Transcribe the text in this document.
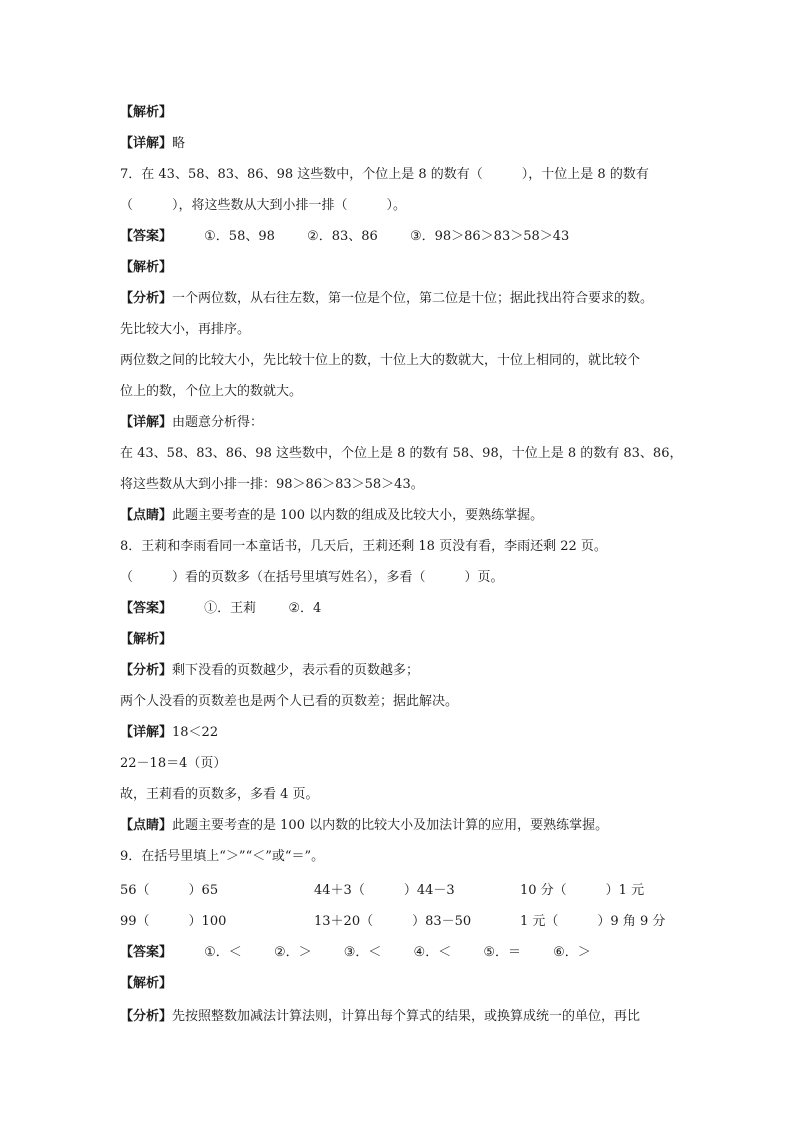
【解析】
【详解】略
7．在 43、58、83、86、98 这些数中，个位上是 8 的数有（　　　），十位上是 8 的数有
（　　　），将这些数从大到小排一排（　　　）。
【答案】 ①．58、98 ②．83、86 ③．98＞86＞83＞58＞43
【解析】
【分析】一个两位数，从右往左数，第一位是个位，第二位是十位；据此找出符合要求的数。
先比较大小，再排序。
两位数之间的比较大小，先比较十位上的数，十位上大的数就大，十位上相同的，就比较个
位上的数，个位上大的数就大。
【详解】由题意分析得：
在 43、58、83、86、98 这些数中，个位上是 8 的数有 58、98，十位上是 8 的数有 83、86，
将这些数从大到小排一排：98＞86＞83＞58＞43。
【点睛】此题主要考查的是 100 以内数的组成及比较大小，要熟练掌握。
8．王莉和李雨看同一本童话书，几天后，王莉还剩 18 页没有看，李雨还剩 22 页。
（　　　）看的页数多（在括号里填写姓名），多看（　　　）页。
【答案】 ①．王莉 ②．4
【解析】
【分析】剩下没看的页数越少，表示看的页数越多；
两个人没看的页数差也是两个人已看的页数差；据此解决。
【详解】18＜22
22－18＝4（页）
故，王莉看的页数多，多看 4 页。
【点睛】此题主要考查的是 100 以内数的比较大小及加法计算的应用，要熟练掌握。
9．在括号里填上“＞”“＜”或“＝”。
56（　　　）65	44＋3（　　　）44－3	10 分（　　　）1 元
99（　　　）100	13＋20（　　　）83－50	1 元（　　　）9 角 9 分
【答案】 ①．＜ ②．＞ ③．＜ ④．＜ ⑤．＝ ⑥．＞
【解析】
【分析】先按照整数加减法计算法则，计算出每个算式的结果，或换算成统一的单位，再比
